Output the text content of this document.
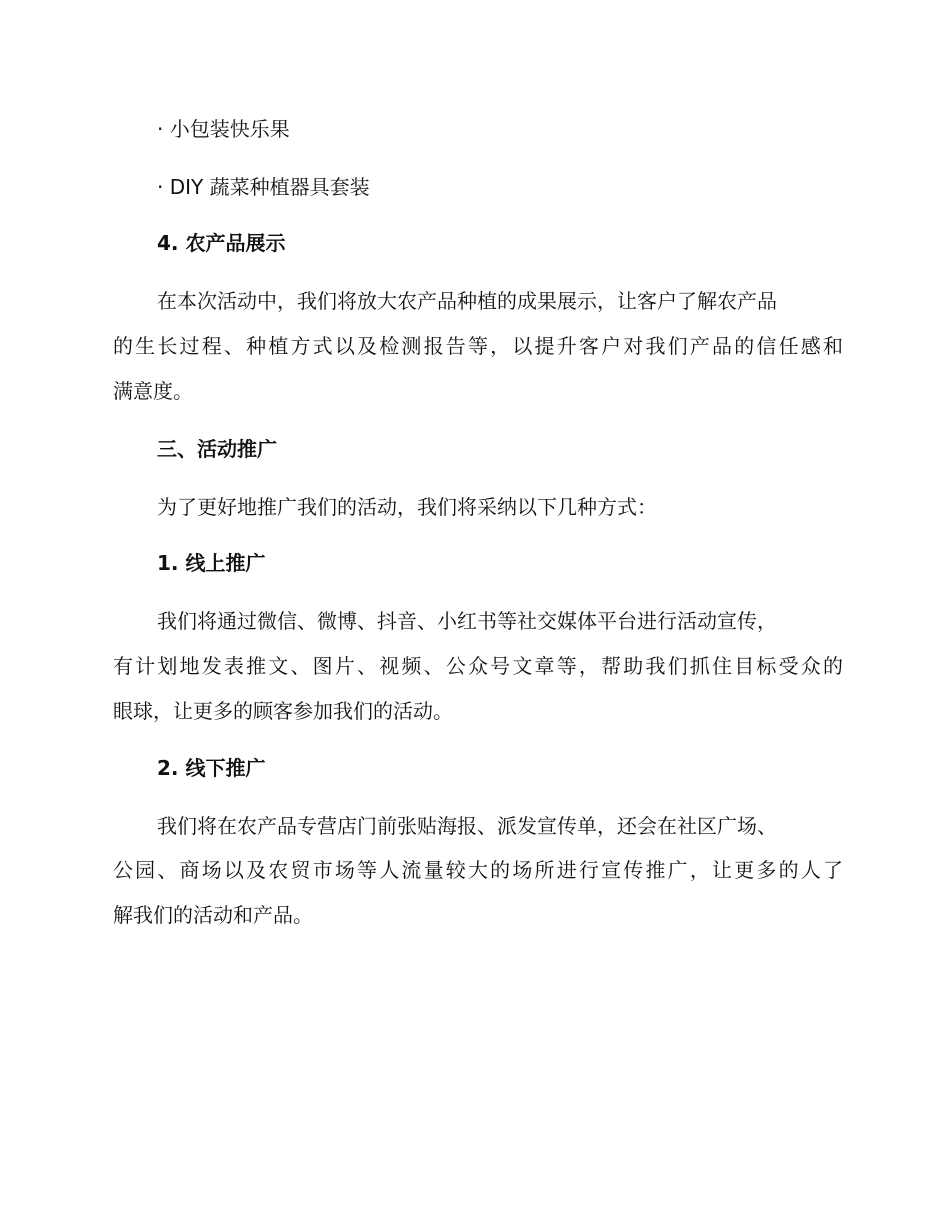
· 小包装快乐果

· DIY 蔬菜种植器具套装

4. 农产品展示

在本次活动中，我们将放大农产品种植的成果展示，让客户了解农产品

的生长过程、种植方式以及检测报告等，以提升客户对我们产品的信任感和

满意度。

三、活动推广

为了更好地推广我们的活动，我们将采纳以下几种方式：

1. 线上推广

我们将通过微信、微博、抖音、小红书等社交媒体平台进行活动宣传，

有计划地发表推文、图片、视频、公众号文章等，帮助我们抓住目标受众的

眼球，让更多的顾客参加我们的活动。

2. 线下推广

我们将在农产品专营店门前张贴海报、派发宣传单，还会在社区广场、

公园、商场以及农贸市场等人流量较大的场所进行宣传推广，让更多的人了

解我们的活动和产品。
